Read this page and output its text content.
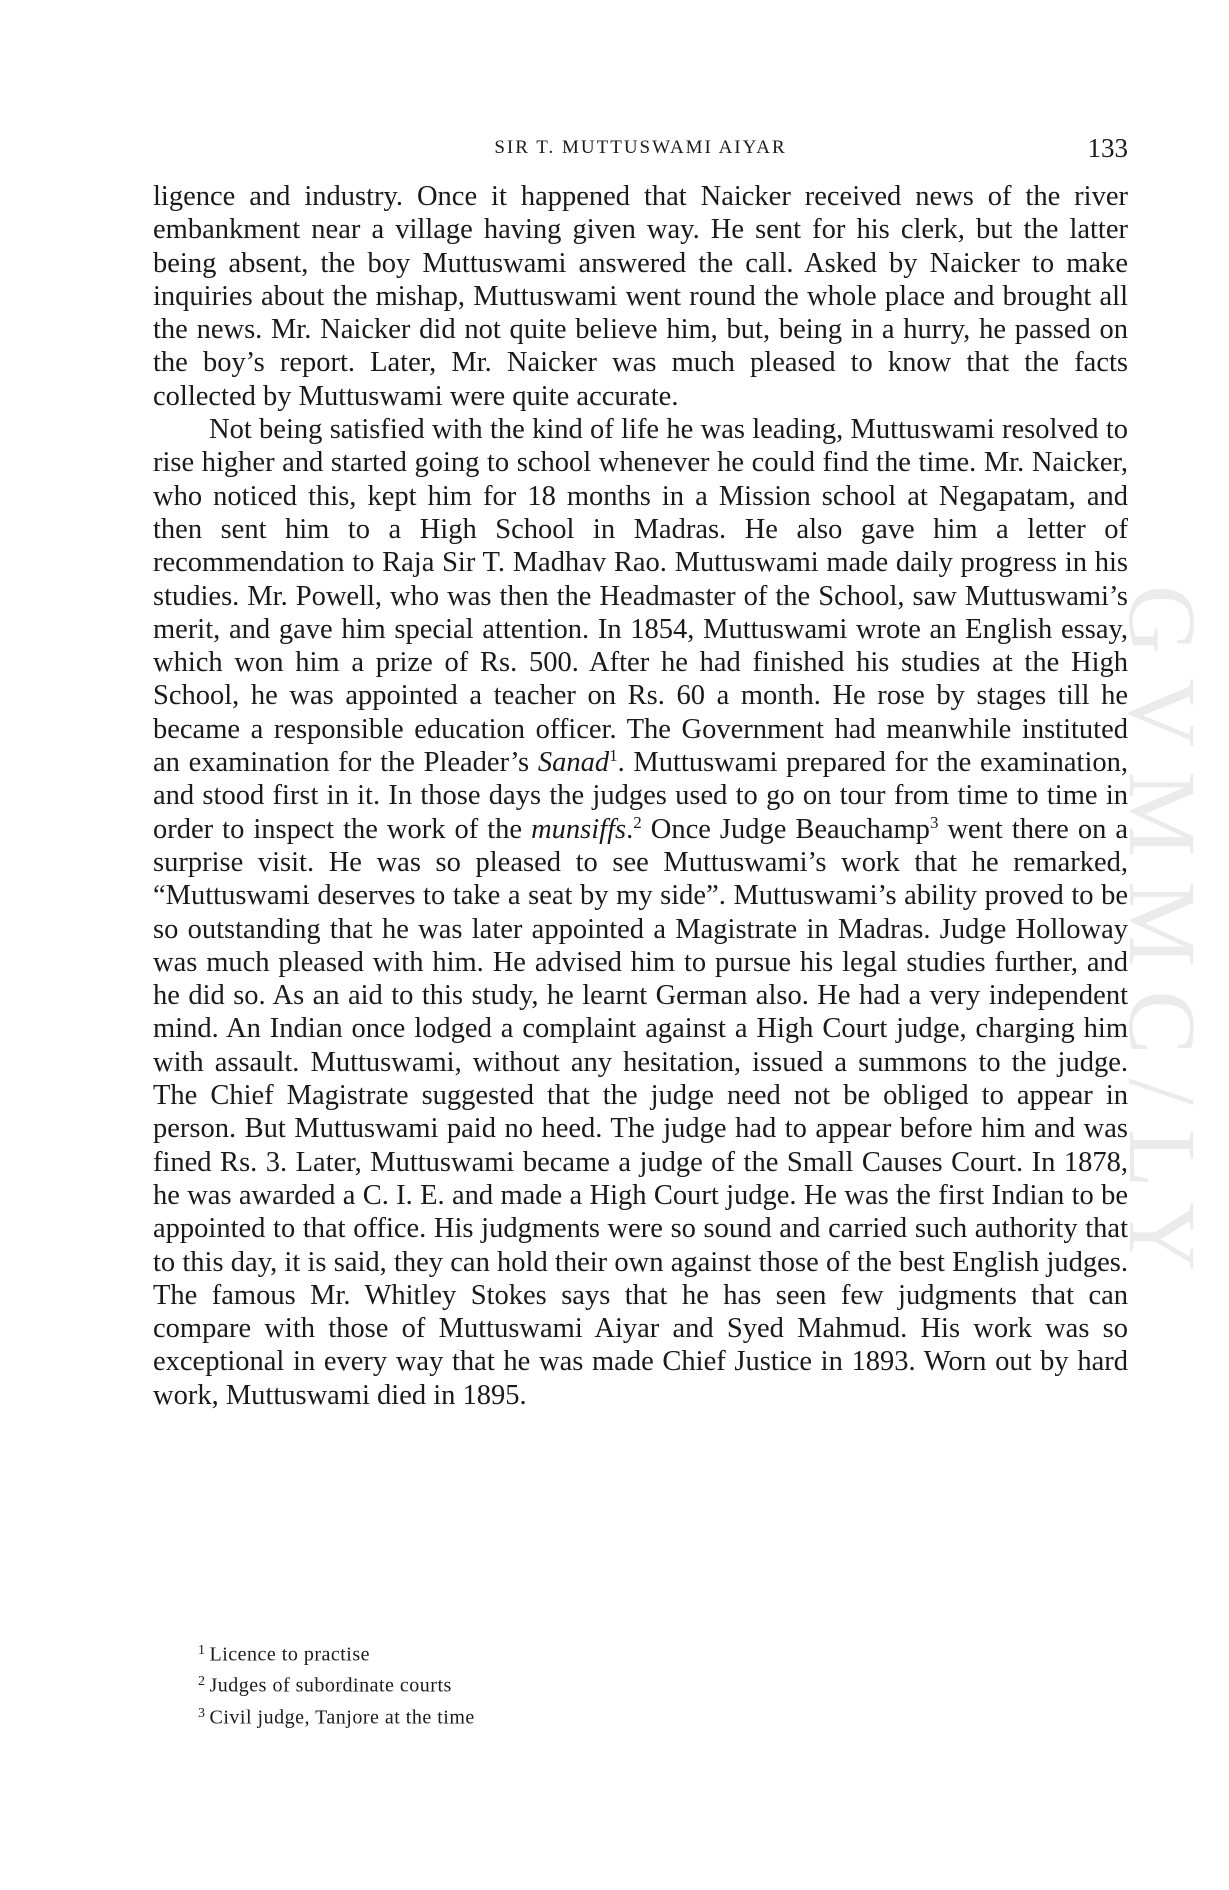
GVMMC/LY
SIR T. MUTTUSWAMI AIYAR	133

ligence and industry. Once it happened that Naicker received news of the river embankment near a village having given way. He sent for his clerk, but the latter being absent, the boy Muttuswami answered the call. Asked by Naicker to make inquiries about the mishap, Muttuswami went round the whole place and brought all the news. Mr. Naicker did not quite believe him, but, being in a hurry, he passed on the boy’s report. Later, Mr. Naicker was much pleased to know that the facts collected by Muttuswami were quite accurate.

Not being satisfied with the kind of life he was leading, Muttuswami resolved to rise higher and started going to school whenever he could find the time. Mr. Naicker, who noticed this, kept him for 18 months in a Mission school at Negapatam, and then sent him to a High School in Madras. He also gave him a letter of recommendation to Raja Sir T. Madhav Rao. Muttuswami made daily progress in his studies. Mr. Powell, who was then the Headmaster of the School, saw Muttuswami’s merit, and gave him special attention. In 1854, Muttuswami wrote an English essay, which won him a prize of Rs. 500. After he had finished his studies at the High School, he was appointed a teacher on Rs. 60 a month. He rose by stages till he became a responsible education officer. The Government had meanwhile instituted an examination for the Pleader’s Sanad$^1$. Muttuswami prepared for the examination, and stood first in it. In those days the judges used to go on tour from time to time in order to inspect the work of the munsiffs.$^2$ Once Judge Beauchamp$^3$ went there on a surprise visit. He was so pleased to see Muttuswami’s work that he remarked, “Muttuswami deserves to take a seat by my side”. Muttuswami’s ability proved to be so outstanding that he was later appointed a Magistrate in Madras. Judge Holloway was much pleased with him. He advised him to pursue his legal studies further, and he did so. As an aid to this study, he learnt German also. He had a very independent mind. An Indian once lodged a complaint against a High Court judge, charging him with assault. Muttuswami, without any hesitation, issued a summons to the judge. The Chief Magistrate suggested that the judge need not be obliged to appear in person. But Muttuswami paid no heed. The judge had to appear before him and was fined Rs. 3. Later, Muttuswami became a judge of the Small Causes Court. In 1878, he was awarded a C. I. E. and made a High Court judge. He was the first Indian to be appointed to that office. His judgments were so sound and carried such authority that to this day, it is said, they can hold their own against those of the best English judges. The famous Mr. Whitley Stokes says that he has seen few judgments that can compare with those of Muttuswami Aiyar and Syed Mahmud. His work was so exceptional in every way that he was made Chief Justice in 1893. Worn out by hard work, Muttuswami died in 1895.

$^1$ Licence to practise
$^2$ Judges of subordinate courts
$^3$ Civil judge, Tanjore at the time
